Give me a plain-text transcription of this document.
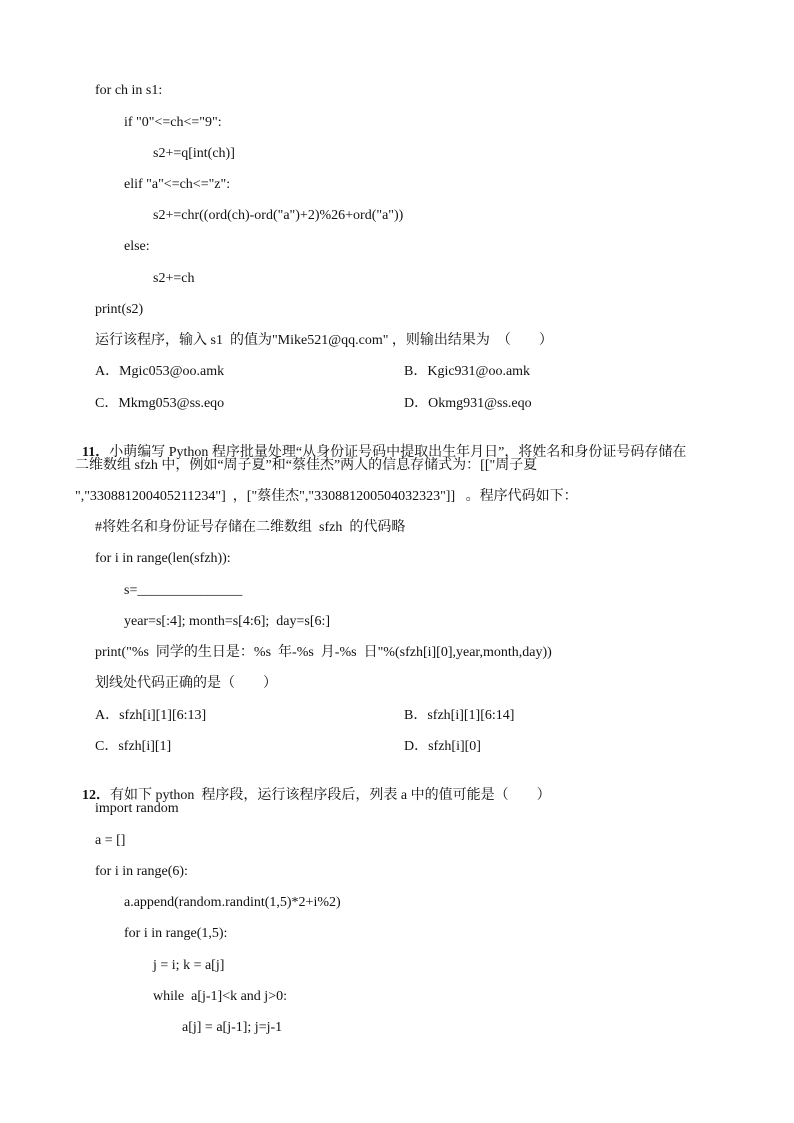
for ch in s1:
if "0"<=ch<="9":
s2+=q[int(ch)]
elif "a"<=ch<="z":
s2+=chr((ord(ch)-ord("a")+2)%26+ord("a"))
else:
s2+=ch
print(s2)
运行该程序，输入 s1  的值为"Mike521@qq.com" ，则输出结果为  （        ）
A．Mgic053@oo.amk	B．Kgic931@oo.amk
C．Mkmg053@ss.eqo	D．Okmg931@ss.eqo

11．小萌编写 Python 程序批量处理“从身份证号码中提取出生年月日”，将姓名和身份证号码存储在

二维数组 sfzh 中，例如“周子夏”和“蔡佳杰”两人的信息存储式为：[["周子夏
","330881200405211234"]  ，["蔡佳杰","330881200504032323"]]   。程序代码如下：
#将姓名和身份证号存储在二维数组  sfzh  的代码略
for i in range(len(sfzh)):
s=_______________
year=s[:4]; month=s[4:6];  day=s[6:]
print("%s  同学的生日是：%s  年-%s  月-%s  日"%(sfzh[i][0],year,month,day))
划线处代码正确的是（        ）
A．sfzh[i][1][6:13]	B．sfzh[i][1][6:14]
C．sfzh[i][1]	D．sfzh[i][0]

12．有如下 python  程序段，运行该程序段后，列表 a 中的值可能是（        ）

import random
a = []
for i in range(6):
a.append(random.randint(1,5)*2+i%2)
for i in range(1,5):
j = i; k = a[j]
while  a[j-1]<k and j>0:
a[j] = a[j-1]; j=j-1
